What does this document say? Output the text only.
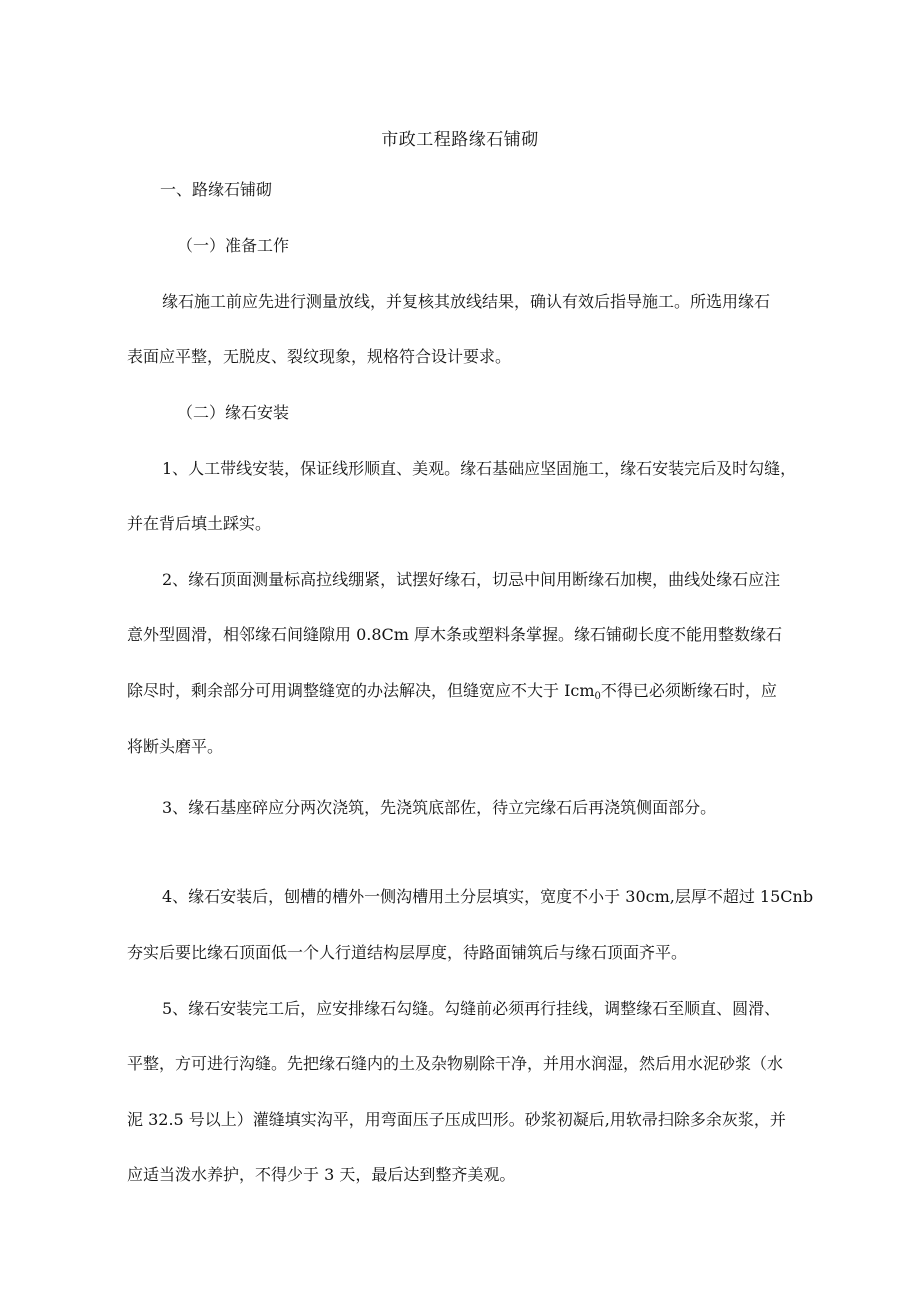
市政工程路缘石铺砌
一、路缘石铺砌
（一）准备工作
缘石施工前应先进行测量放线，并复核其放线结果，确认有效后指导施工。所选用缘石
表面应平整，无脱皮、裂纹现象，规格符合设计要求。
（二）缘石安装
1、人工带线安装，保证线形顺直、美观。缘石基础应坚固施工，缘石安装完后及时勾缝，
并在背后填土踩实。
2、缘石顶面测量标高拉线绷紧，试摆好缘石，切忌中间用断缘石加楔，曲线处缘石应注
意外型圆滑，相邻缘石间缝隙用 0.8Cm 厚木条或塑料条掌握。缘石铺砌长度不能用整数缘石
除尽时，剩余部分可用调整缝宽的办法解决，但缝宽应不大于 Icm$_0$不得已必须断缘石时，应
将断头磨平。
3、缘石基座碎应分两次浇筑，先浇筑底部佐，待立完缘石后再浇筑侧面部分。
4、缘石安装后，刨槽的槽外一侧沟槽用土分层填实，宽度不小于 30cm,层厚不超过 15Cnb
夯实后要比缘石顶面低一个人行道结构层厚度，待路面铺筑后与缘石顶面齐平。
5、缘石安装完工后，应安排缘石勾缝。勾缝前必须再行挂线，调整缘石至顺直、圆滑、
平整，方可进行沟缝。先把缘石缝内的土及杂物剔除干净，并用水润湿，然后用水泥砂浆（水
泥 32.5 号以上）灌缝填实沟平，用弯面压子压成凹形。砂浆初凝后,用软帚扫除多余灰浆，并
应适当泼水养护，不得少于 3 天，最后达到整齐美观。
